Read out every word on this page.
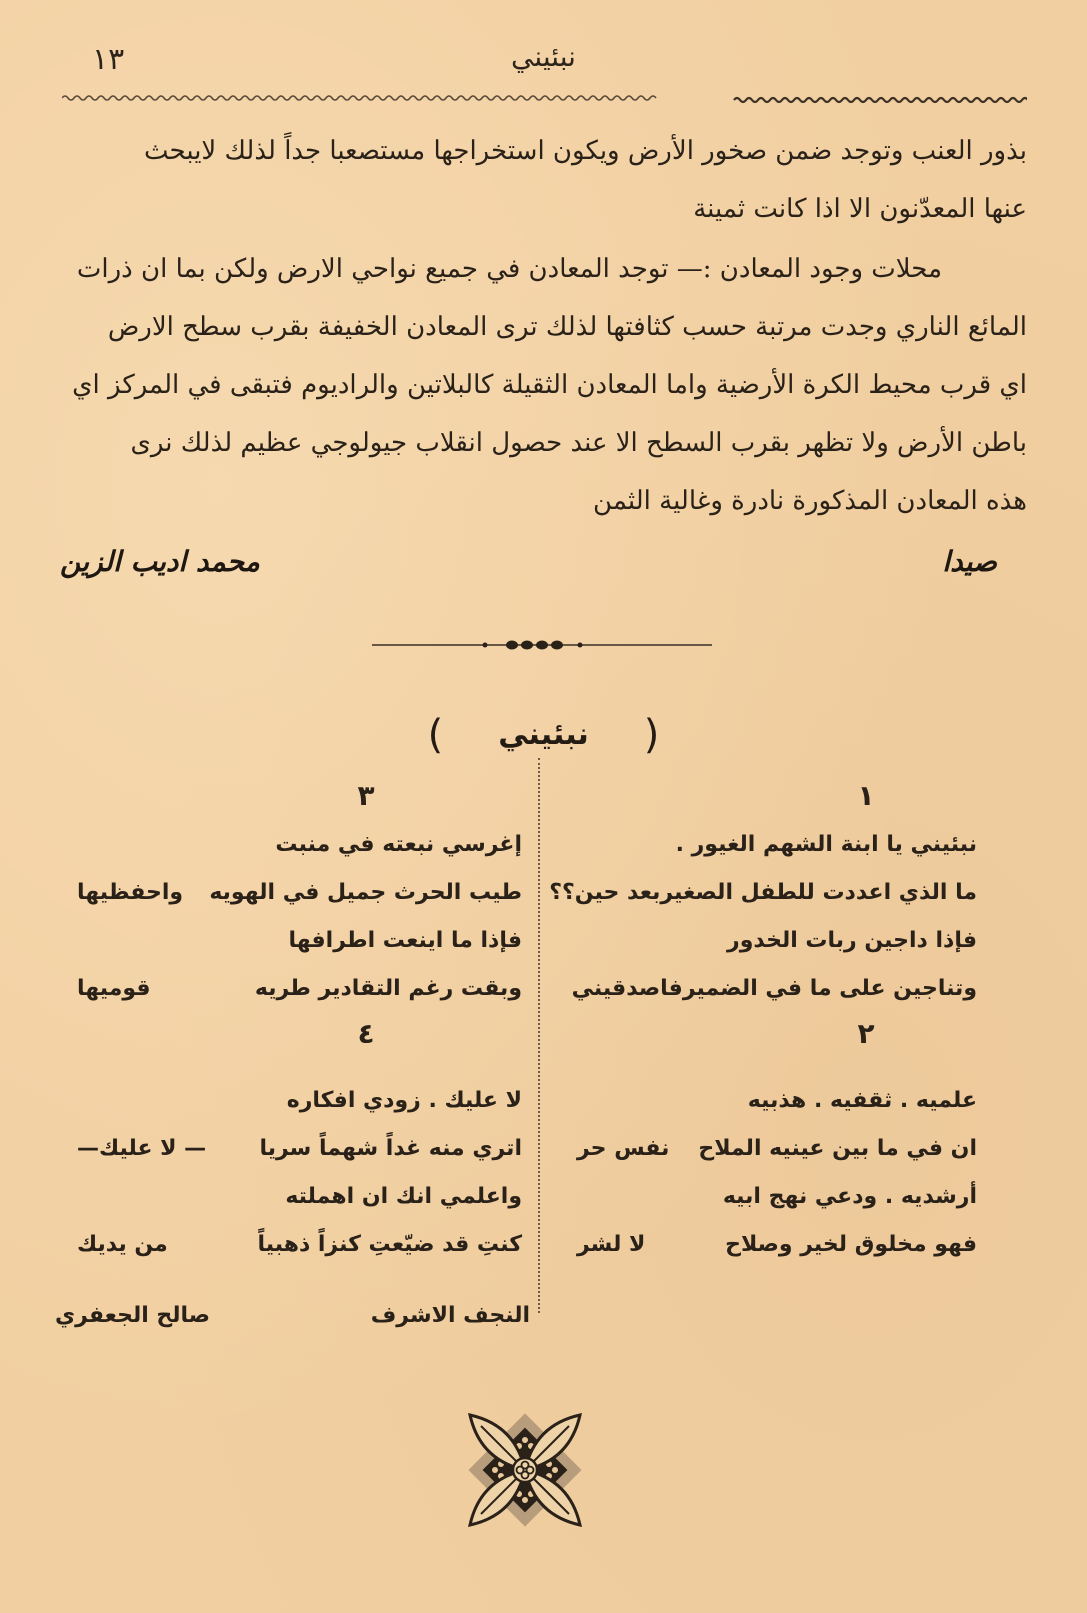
١٣	نبئيني

بذور العنب وتوجد ضمن صخور الأرض ويكون استخراجها مستصعبا جداً لذلك لايبحث

عنها المعدّنون الا اذا كانت ثمينة

محلات وجود المعادن :— توجد المعادن في جميع نواحي الارض ولكن بما ان ذرات

المائع الناري وجدت مرتبة حسب كثافتها لذلك ترى المعادن الخفيفة بقرب سطح الارض

اي قرب محيط الكرة الأرضية واما المعادن الثقيلة كالبلاتين والراديوم فتبقى في المركز اي

باطن الأرض ولا تظهر بقرب السطح الا عند حصول انقلاب جيولوجي عظيم لذلك نرى

هذه المعادن المذكورة نادرة وغالية الثمن

صيدا
محمد اديب الزين
(نبئيني)
١
نبئيني يا ابنة الشهم الغيور .
ما الذي اعددت للطفل الصغير
بعد حين؟؟
فإذا داجين ربات الخدور
وتناجين على ما في الضمير
فاصدقيني
٢
علميه . ثقفيه . هذبيه
ان في ما بين عينيه الملاح
نفس حر
أرشديه . ودعي نهج ابيه
فهو مخلوق لخير وصلاح
لا لشر
٣
إغرسي نبعته في منبت
طيب الحرث جميل في الهويه
واحفظيها
فإذا ما اينعت اطرافها
وبقت رغم التقادير طريه
قوميها
٤
لا عليك . زودي افكاره
اتري منه غداً شهماً سريا
— لا عليك—
واعلمي انك ان اهملته
كنتِ قد ضيّعتِ كنزاً ذهبياً
من يديك
النجف الاشرف
صالح الجعفري
